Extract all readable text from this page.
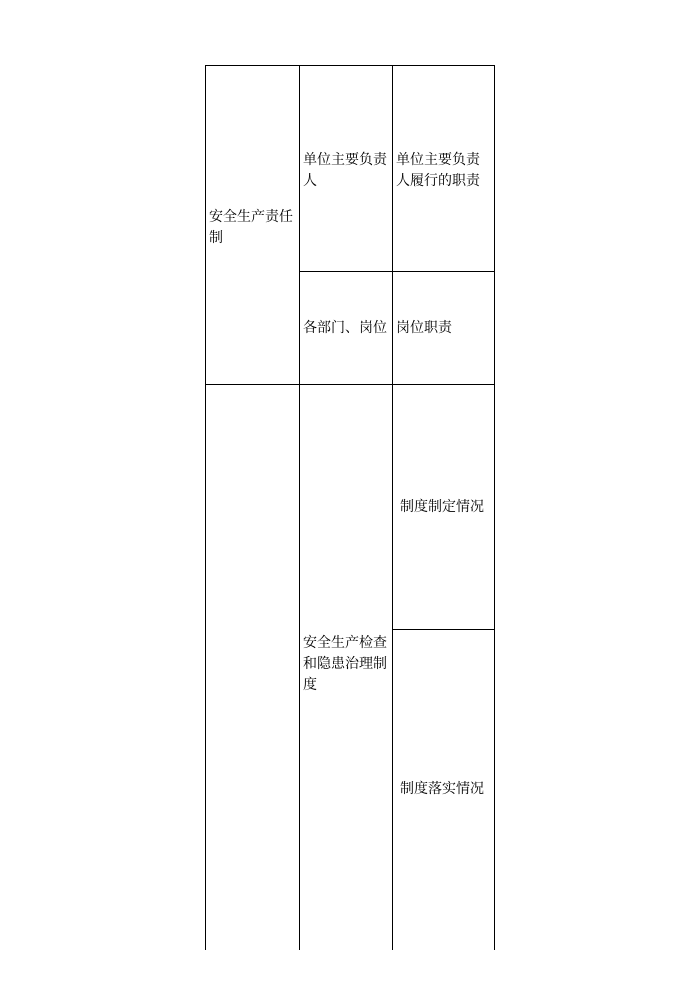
安全生产责任制
单位主要负责人
单位主要负责人履行的职责
各部门、岗位 岗位职责
安全生产检查和隐患治理制度
制度制定情况
制度落实情况
